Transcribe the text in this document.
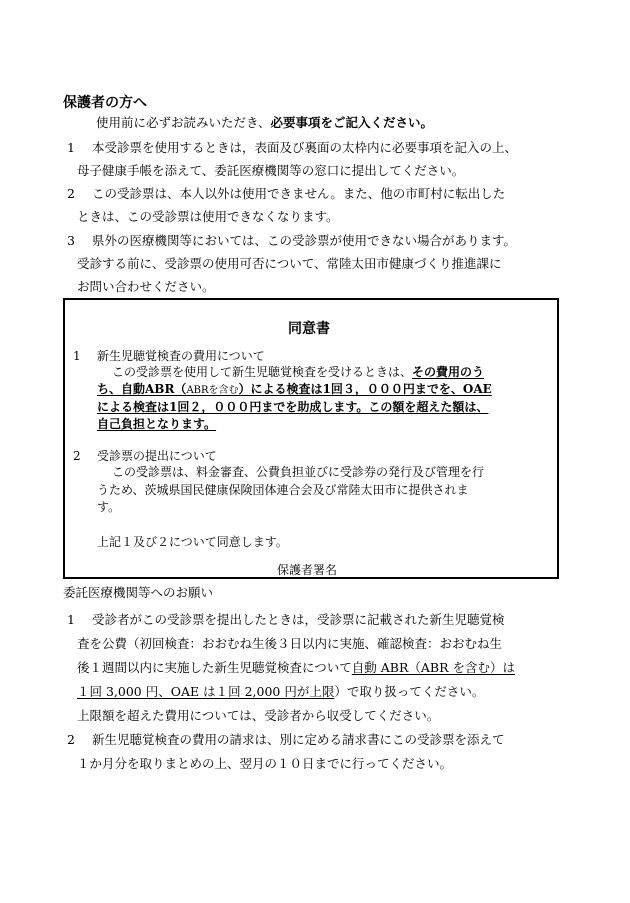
保護者の方へ
使用前に必ずお読みいただき、必要事項をご記入ください。
1 本受診票を使用するときは，表面及び裏面の太枠内に必要事項を記入の上、
母子健康手帳を添えて、委託医療機関等の窓口に提出してください。
2 この受診票は、本人以外は使用できません。また、他の市町村に転出した
ときは、この受診票は使用できなくなります。
3 県外の医療機関等においては、この受診票が使用できない場合があります。
受診する前に、受診票の使用可否について、常陸太田市健康づくり推進課に
お問い合わせください。
同意書
1 新生児聴覚検査の費用について
この受診票を使用して新生児聴覚検査を受けるときは、その費用のう
ち、自動ABR（ABRを含む）による検査は1回３，０００円までを、OAE
による検査は1回２，０００円までを助成します。この額を超えた額は、
自己負担となります。
2 受診票の提出について
この受診票は、料金審査、公費負担並びに受診券の発行及び管理を行
うため、茨城県国民健康保険団体連合会及び常陸太田市に提供されま
す。
上記１及び２について同意します。
保護者署名
委託医療機関等へのお願い
1 受診者がこの受診票を提出したときは，受診票に記載された新生児聴覚検
査を公費（初回検査：おおむね生後３日以内に実施、確認検査：おおむね生
後１週間以内に実施した新生児聴覚検査について自動 ABR（ABR を含む）は
１回 3,000 円、OAE は１回 2,000 円が上限）で取り扱ってください。
上限額を超えた費用については、受診者から収受してください。
2 新生児聴覚検査の費用の請求は、別に定める請求書にこの受診票を添えて
１か月分を取りまとめの上、翌月の１０日までに行ってください。
